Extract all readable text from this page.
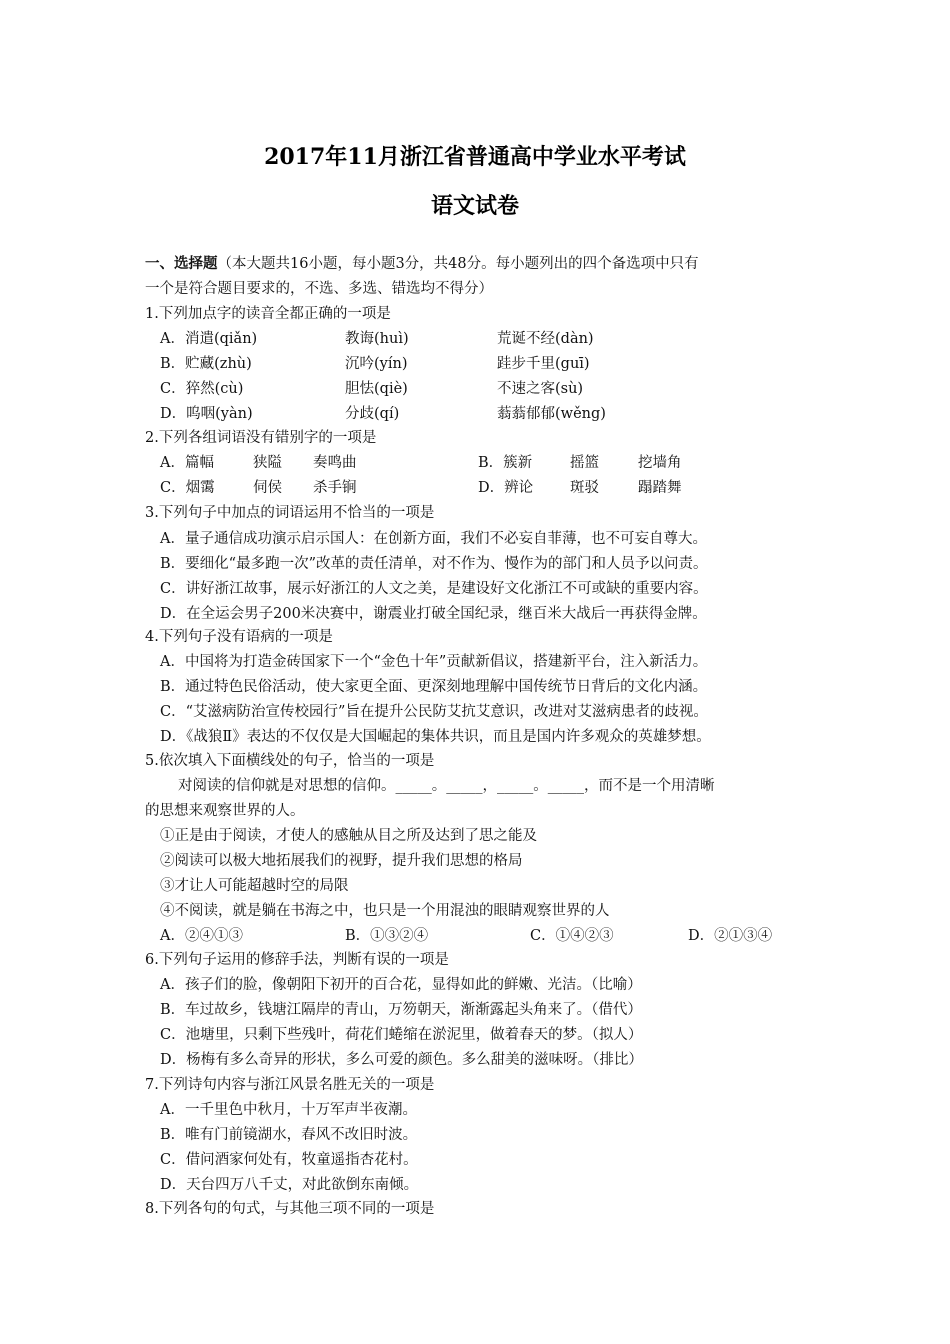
2017年11月浙江省普通高中学业水平考试
语文试卷
一、选择题（本大题共16小题，每小题3分，共48分。每小题列出的四个备选项中只有
一个是符合题目要求的，不选、多选、错选均不得分）
1.下列加点字的读音全都正确的一项是
A．消遣(qiǎn)	教诲(huì)	荒诞不经(dàn)
B．贮藏(zhù)	沉吟(yín)	跬步千里(guī)
C．猝然(cù)	胆怯(qiè)	不速之客(sù)
D．呜咽(yàn)	分歧(qí)	蓊蓊郁郁(wěng)
2.下列各组词语没有错别字的一项是
A．篇幅	狭隘 奏鸣曲	B．簇新	摇篮	挖墙角
C．烟霭	伺侯 杀手锏	D．辨论	斑驳	蹋踏舞
3.下列句子中加点的词语运用不恰当的一项是
A．量子通信成功演示启示国人：在创新方面，我们不必妄自菲薄，也不可妄自尊大。
B．要细化“最多跑一次”改革的责任清单，对不作为、慢作为的部门和人员予以问责。
C．讲好浙江故事，展示好浙江的人文之美，是建设好文化浙江不可或缺的重要内容。
D．在全运会男子200米决赛中，谢震业打破全国纪录，继百米大战后一再获得金牌。
4.下列句子没有语病的一项是
A．中国将为打造金砖国家下一个“金色十年”贡献新倡议，搭建新平台，注入新活力。
B．通过特色民俗活动，使大家更全面、更深刻地理解中国传统节日背后的文化内涵。
C．“艾滋病防治宣传校园行”旨在提升公民防艾抗艾意识，改进对艾滋病患者的歧视。
D．《战狼Ⅱ》表达的不仅仅是大国崛起的集体共识，而且是国内许多观众的英雄梦想。
5.依次填入下面横线处的句子，恰当的一项是
对阅读的信仰就是对思想的信仰。_____。_____，_____。_____，而不是一个用清晰
的思想来观察世界的人。
①正是由于阅读，才使人的感触从目之所及达到了思之能及
②阅读可以极大地拓展我们的视野，提升我们思想的格局
③才让人可能超越时空的局限
④不阅读，就是躺在书海之中，也只是一个用混浊的眼睛观察世界的人
A．②④①③	B．①③②④	C．①④②③	D．②①③④
6.下列句子运用的修辞手法，判断有误的一项是
A．孩子们的脸，像朝阳下初开的百合花，显得如此的鲜嫩、光洁。（比喻）
B．车过故乡，钱塘江隔岸的青山，万笏朝天，渐渐露起头角来了。（借代）
C．池塘里，只剩下些残叶，荷花们蜷缩在淤泥里，做着春天的梦。（拟人）
D．杨梅有多么奇异的形状，多么可爱的颜色。多么甜美的滋味呀。（排比）
7.下列诗句内容与浙江风景名胜无关的一项是
A．一千里色中秋月，十万军声半夜潮。
B．唯有门前镜湖水，春风不改旧时波。
C．借问酒家何处有，牧童遥指杏花村。
D．天台四万八千丈，对此欲倒东南倾。
8.下列各句的句式，与其他三项不同的一项是
